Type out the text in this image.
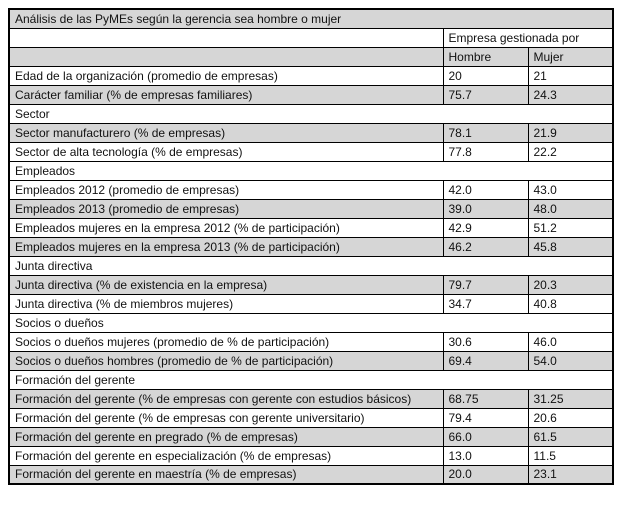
Análisis de las PyMEs según la gerencia sea hombre o mujer		
	Empresa gestionada por	
	Hombre	Mujer
Edad de la organización (promedio de empresas)	20	21
Carácter familiar (% de empresas familiares)	75.7	24.3
Sector		
Sector manufacturero (% de empresas)	78.1	21.9
Sector de alta tecnología (% de empresas)	77.8	22.2
Empleados		
Empleados 2012 (promedio de empresas)	42.0	43.0
Empleados 2013 (promedio de empresas)	39.0	48.0
Empleados mujeres en la empresa 2012 (% de participación)	42.9	51.2
Empleados mujeres en la empresa 2013 (% de participación)	46.2	45.8
Junta directiva		
Junta directiva (% de existencia en la empresa)	79.7	20.3
Junta directiva (% de miembros mujeres)	34.7	40.8
Socios o dueños		
Socios o dueños mujeres (promedio de % de participación)	30.6	46.0
Socios o dueños hombres (promedio de % de participación)	69.4	54.0
Formación del gerente		
Formación del gerente (% de empresas con gerente con estudios básicos)	68.75	31.25
Formación del gerente (% de empresas con gerente universitario)	79.4	20.6
Formación del gerente en pregrado (% de empresas)	66.0	61.5
Formación del gerente en especialización (% de empresas)	13.0	11.5
Formación del gerente en maestría (% de empresas)	20.0	23.1
